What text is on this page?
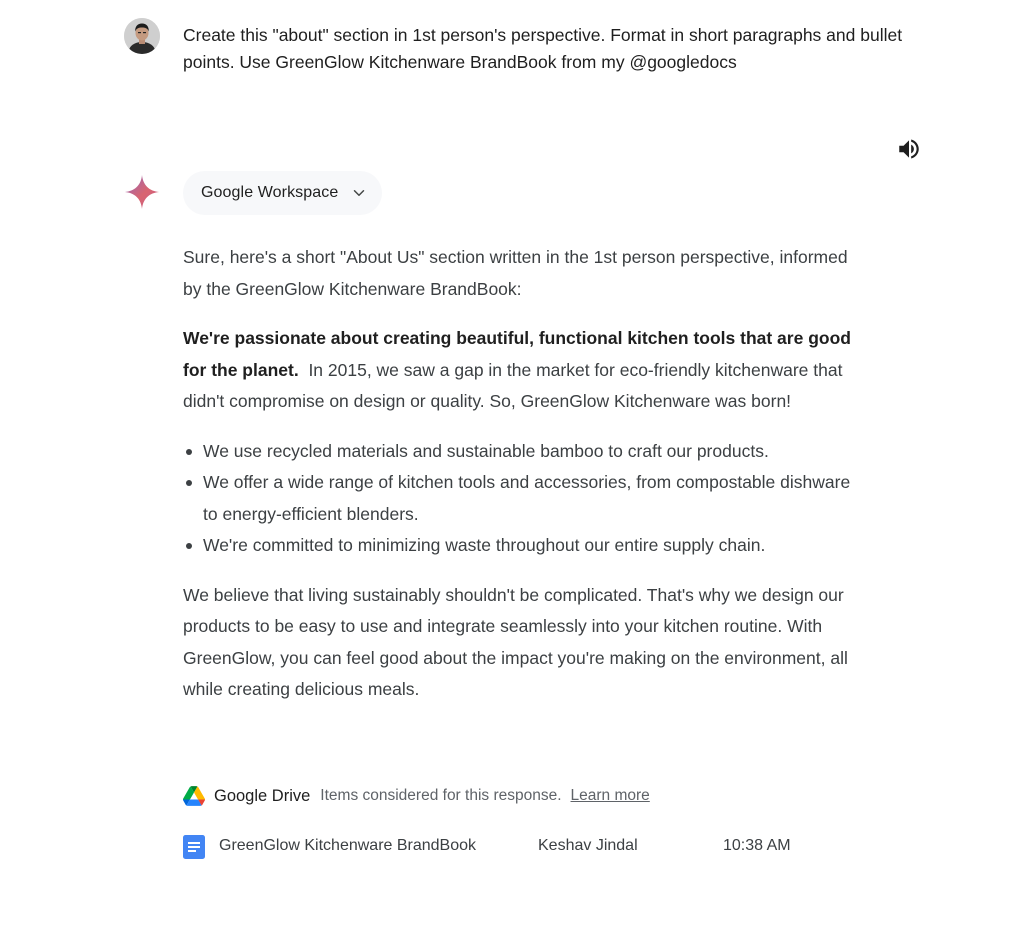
Create this "about" section in 1st person's perspective. Format in short paragraphs and bullet points. Use GreenGlow Kitchenware BrandBook from my @googledocs
Google Workspace

Sure, here's a short "About Us" section written in the 1st person perspective, informed by the GreenGlow Kitchenware BrandBook:

We're passionate about creating beautiful, functional kitchen tools that are good for the planet. In 2015, we saw a gap in the market for eco-friendly kitchenware that didn't compromise on design or quality. So, GreenGlow Kitchenware was born!

We use recycled materials and sustainable bamboo to craft our products.
We offer a wide range of kitchen tools and accessories, from compostable dishware to energy-efficient blenders.
We're committed to minimizing waste throughout our entire supply chain.

We believe that living sustainably shouldn't be complicated. That's why we design our products to be easy to use and integrate seamlessly into your kitchen routine. With GreenGlow, you can feel good about the impact you're making on the environment, all while creating delicious meals.

Google Drive Items considered for this response. Learn more
GreenGlow Kitchenware BrandBook	Keshav Jindal	10:38 AM
